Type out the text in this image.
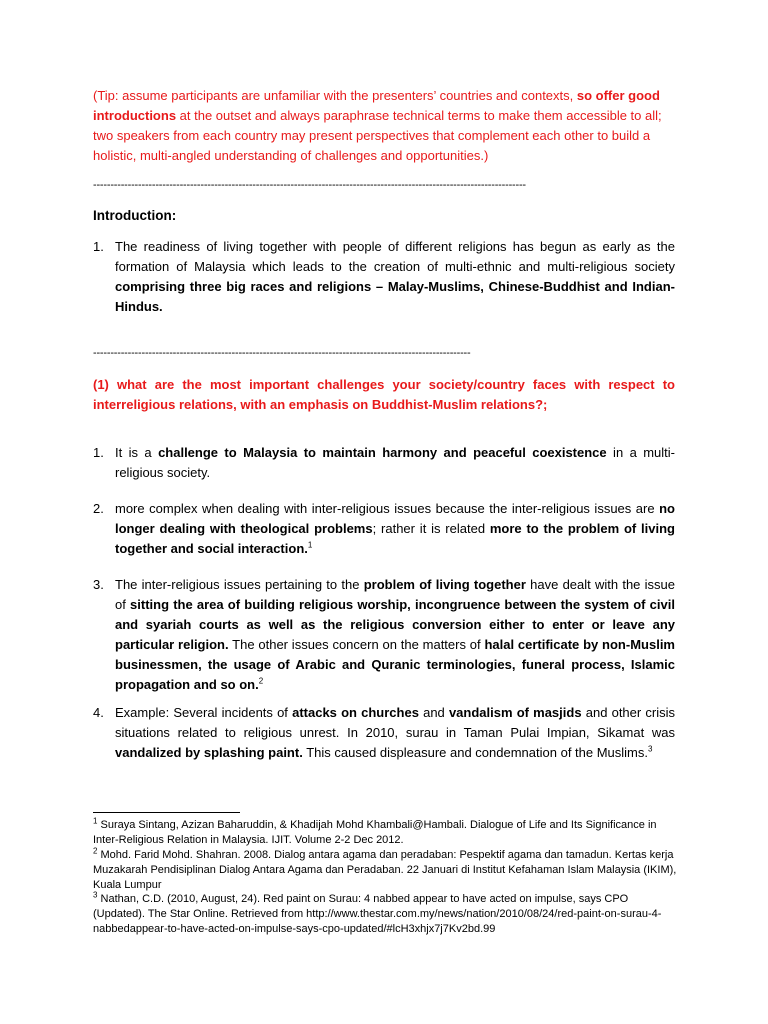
(Tip: assume participants are unfamiliar with the presenters’ countries and contexts, so offer good introductions at the outset and always paraphrase technical terms to make them accessible to all; two speakers from each country may present perspectives that complement each other to build a holistic, multi-angled understanding of challenges and opportunities.)

-----------------------------------------------------------------------------------------------------------------------------
Introduction:
1. The readiness of living together with people of different religions has begun as early as the formation of Malaysia which leads to the creation of multi-ethnic and multi-religious society comprising three big races and religions – Malay-Muslims, Chinese-Buddhist and Indian-Hindus.
-------------------------------------------------------------------------------------------------------------
(1) what are the most important challenges your society/country faces with respect to interreligious relations, with an emphasis on Buddhist-Muslim relations?;
1. It is a challenge to Malaysia to maintain harmony and peaceful coexistence in a multi-religious society.
2. more complex when dealing with inter-religious issues because the inter-religious issues are no longer dealing with theological problems; rather it is related more to the problem of living together and social interaction.$^1$
3. The inter-religious issues pertaining to the problem of living together have dealt with the issue of sitting the area of building religious worship, incongruence between the system of civil and syariah courts as well as the religious conversion either to enter or leave any particular religion. The other issues concern on the matters of halal certificate by non-Muslim businessmen, the usage of Arabic and Quranic terminologies, funeral process, Islamic propagation and so on.$^2$
4. Example: Several incidents of attacks on churches and vandalism of masjids and other crisis situations related to religious unrest. In 2010, surau in Taman Pulai Impian, Sikamat was vandalized by splashing paint. This caused displeasure and condemnation of the Muslims.$^3$
$^1$ Suraya Sintang, Azizan Baharuddin, & Khadijah Mohd Khambali@Hambali. Dialogue of Life and Its Significance in Inter-Religious Relation in Malaysia. IJIT. Volume 2-2 Dec 2012.
$^2$ Mohd. Farid Mohd. Shahran. 2008. Dialog antara agama dan peradaban: Pespektif agama dan tamadun. Kertas kerja Muzakarah Pendisiplinan Dialog Antara Agama dan Peradaban. 22 Januari di Institut Kefahaman Islam Malaysia (IKIM), Kuala Lumpur
$^3$ Nathan, C.D. (2010, August, 24). Red paint on Surau: 4 nabbed appear to have acted on impulse, says CPO (Updated). The Star Online. Retrieved from http://www.thestar.com.my/news/nation/2010/08/24/red-paint-on-surau-4-nabbedappear-to-have-acted-on-impulse-says-cpo-updated/#lcH3xhjx7j7Kv2bd.99
